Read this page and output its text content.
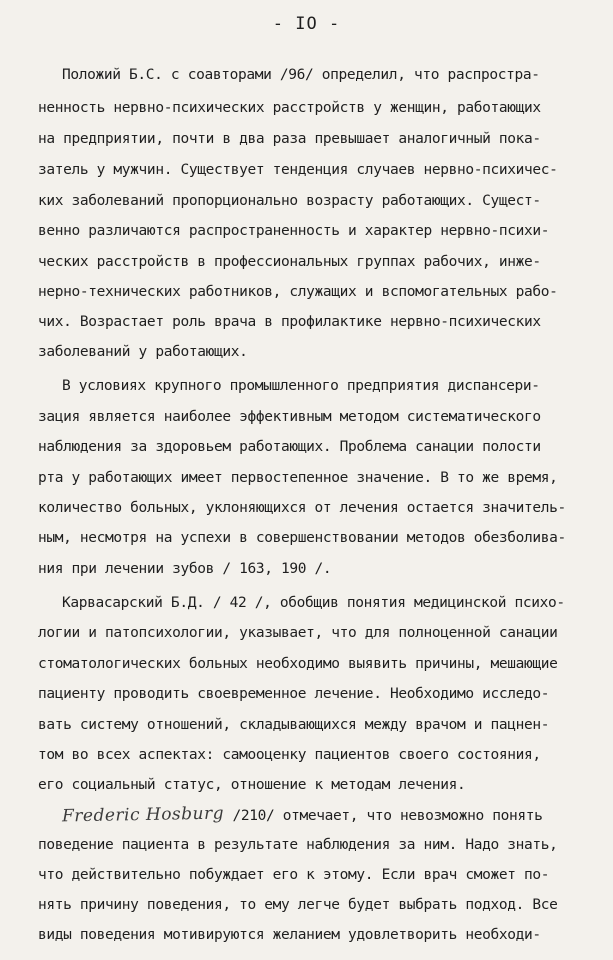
- IO -
Положий Б.С. с соавторами /96/ определил, что распростра-
ненность нервно-психических расстройств у женщин, работающих
на предприятии, почти в два раза превышает аналогичный пока-
затель у мужчин. Существует тенденция случаев нервно-психичес-
ких заболеваний пропорционально возрасту работающих. Сущест-
венно различаются распространенность и характер нервно-психи-
ческих расстройств в профессиональных группах рабочих, инже-
нерно-технических работников, служащих и вспомогательных рабо-
чих. Возрастает роль врача в профилактике нервно-психических
заболеваний у работающих.
В условиях крупного промышленного предприятия диспансери-
зация является наиболее эффективным методом систематического
наблюдения за здоровьем работающих. Проблема санации полости
рта у работающих имеет первостепенное значение. В то же время,
количество больных, уклоняющихся от лечения остается значитель-
ным, несмотря на успехи в совершенствовании методов обезболива-
ния при лечении зубов / 163, 190 /.
Карвасарский Б.Д. / 42 /, обобщив понятия медицинской психо-
логии и патопсихологии, указывает, что для полноценной санации
стоматологических больных необходимо выявить причины, мешающие
пациенту проводить своевременное лечение. Необходимо исследо-
вать систему отношений, складывающихся между врачом и пацнен-
том во всех аспектах: самооценку пациентов своего состояния,
его социальный статус, отношение к методам лечения.
Frederic Hosburg /210/ отмечает, что невозможно понять
поведение пациента в результате наблюдения за ним. Надо знать,
что действительно побуждает его к этому. Если врач сможет по-
нять причину поведения, то ему легче будет выбрать подход. Все
виды поведения мотивируются желанием удовлетворить необходи-
